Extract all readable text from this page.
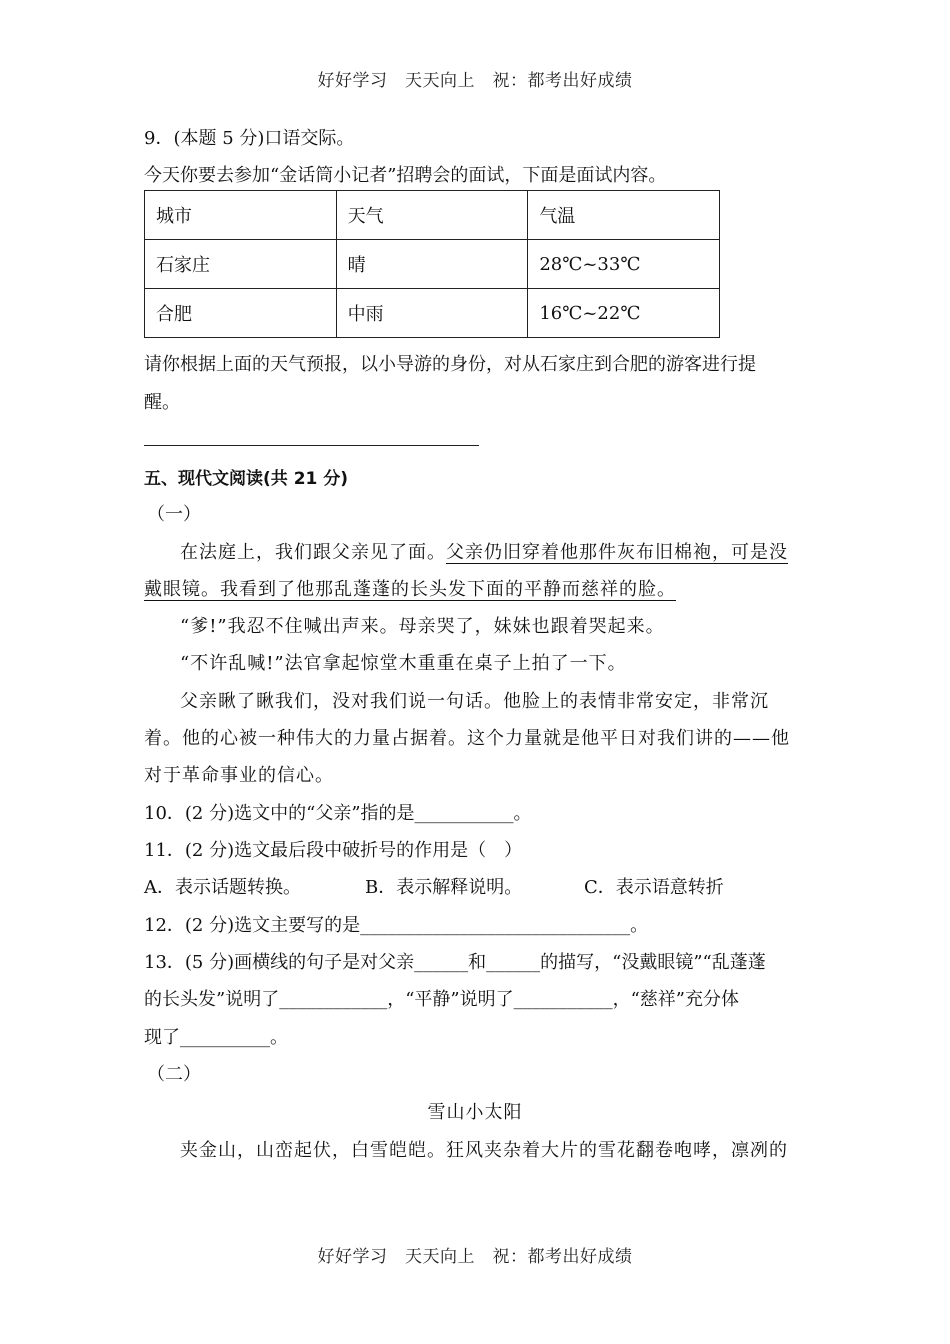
好好学习　天天向上　祝：都考出好成绩
9．(本题 5 分)口语交际。
今天你要去参加“金话筒小记者”招聘会的面试，下面是面试内容。
城市	天气	气温
石家庄	晴	28℃~33℃
合肥	中雨	16℃~22℃
请你根据上面的天气预报，以小导游的身份，对从石家庄到合肥的游客进行提
醒。
五、现代文阅读(共 21 分)
（一）
在法庭上，我们跟父亲见了面。父亲仍旧穿着他那件灰布旧棉袍，可是没
戴眼镜。我看到了他那乱蓬蓬的长头发下面的平静而慈祥的脸。
“爹!”我忍不住喊出声来。母亲哭了，妹妹也跟着哭起来。
“不许乱喊!”法官拿起惊堂木重重在桌子上拍了一下。
父亲瞅了瞅我们，没对我们说一句话。他脸上的表情非常安定，非常沉
着。他的心被一种伟大的力量占据着。这个力量就是他平日对我们讲的——他
对于革命事业的信心。
10．(2 分)选文中的“父亲”指的是___________。
11．(2 分)选文最后段中破折号的作用是（　）
A．表示话题转换。	B．表示解释说明。	C．表示语意转折
12．(2 分)选文主要写的是______________________________。
13．(5 分)画横线的句子是对父亲______和______的描写，“没戴眼镜”“乱蓬蓬
的长头发”说明了____________，“平静”说明了___________，“慈祥”充分体
现了__________。
（二）
雪山小太阳
夹金山，山峦起伏，白雪皑皑。狂风夹杂着大片的雪花翻卷咆哮，凛冽的
好好学习　天天向上　祝：都考出好成绩
